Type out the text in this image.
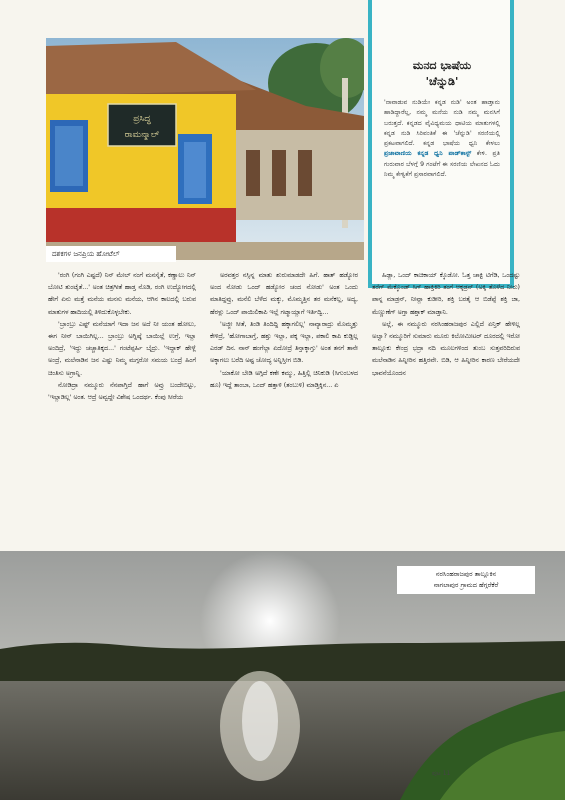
ಪ್ರಸಿದ್ಧ
ರಾಮನ್ಮಾಲ್
ದಶಕಗಳ ಜನಪ್ರಿಯ ಹೋಟೆಲ್
ಮನದ ಭಾಷೆಯ
'ಚೆನ್ನುಡಿ'

'ನಾವಾಡುವ ನುಡಿಯೇ ಕನ್ನಡ ನುಡಿ' ಅಂತ ಹಾಡ್ತಾನು ಹಾಡಿದ್ದಾರೆಲ್ಲ, ನಮ್ಮ ಮನೆಯ ನುಡಿ ನಮ್ಮ ಮನಸಿಗೆ ಬರುತ್ತದೆ. ಕನ್ನಡದ ವೈವಿಧ್ಯಮಯ ಧಾಟಿಯ ಮಾತುಗಳಲ್ಲಿ ಕನ್ನಡ ನುಡಿ ಸಿರಿವಂತಿಕೆ ಈ 'ಚೆನ್ನುಡಿ' ಸರಣಿಯಲ್ಲಿ ಪ್ರಕಟವಾಗಲಿದೆ. ಕನ್ನಡ ಭಾಷೆಯ ಧ್ವನಿ ಕೇಳಲು ಪ್ರಜಾವಾಣಿಯ ಕನ್ನಡ ಧ್ವನಿ ಪಾಡ್‌ಕಾಸ್ಟ್ ಕೇಳಿ. ಪ್ರತಿ ಗುರುವಾರ ಬೆಳಗ್ಗೆ 9 ಗಂಟೆಗೆ ಈ ಸರಣಿಯ ಲೇಖನದ ಓದು ನಿಮ್ಮ ಕೇಳ್ವಿಕೆಗೆ ಪ್ರಸಾರವಾಗಲಿದೆ.

'ರಂಗಿ (ಗಂಗಿ ಎಷ್ಟದೆ) ನಿನ್ ಮೇಲ್ ನಂಗೆ ಮನಸೈತೆ, ಕಣ್ಣಾಲು ನಿನ್ ಬೋಟಿ ತುಂಟೈತೆ...' ಅಂತ ಚಿತ್ರಗೀತೆ ಹಾಡ್ತ ನೊಡಿ, ರಂಗಿ ಉದ್ಯೋಗದಲ್ಲಿ ಹೇಗೆ ಏನು ಮತ್ತೆ ಮನೆಯ ಮನಸು ಮನೆಯ, ಆಗಿನ ಕಾಲದಲ್ಲಿ ಬರುವ ಮಾತುಗಳ ಹಾದಿಯಲ್ಲಿ ತಿಳಿದುಕೊಳ್ಳಬೇಕು.

'ಬ್ರಾಂಬ್ರು ಎಷ್ಟ್ ಮನೆಯಾಗೆ ಇದಾ ಜನ ಅದೆ ನೀ ಯಂತ ಹೋಲು, ಈಗ ನೀನ್ ಬಾಯಿಗಿಲ್ಲ... ಬ್ರಾಂಬ್ರು ಅಗ್ನಿಷ್ಕೆ ಬಾಯಿಲ್ಲೆ ಉಗ್ರೆ, ಇಲ್ಲಾ ಅಂದಿದ್ರೆ, 'ಇದ್ದು ಚಚ್ಚಾತಿಕ್ಕದ...' ಗಂಟೆಪ್ಪರ್ಹಿ ಬೈದ್ರು. 'ಇದ್ದಾಕ್ ಹೇಳ್ಲೆ ಅಂದ್ರೆ, ಮಲೆನಾಡಿನ ಜನ ಎಷ್ಟು ನಿಮ್ಮ ಮಗ್ಗರೋ ಸಮಯ ಬಂದ್ರೆ ಹಿಂಗೆ ಚಿಂತಿಸು ಅಗ್ರಾನ್ನಿ.

ನೋಡಿದ್ರಾ ನಮ್ಮೂರು ನೆನಪಾಗ್ತಿದೆ ಹಾಗೆ ಅವ್ರು ಬಂದೇಬಿಟ್ಟು, 'ಇಲ್ಲಾಡಿಲ್ಲ' ಅಂತ. ಆದ್ರೆ ಅವ್ವದ್ದೇ ವಿಶೇಷ ಒಂದರ್ಥ. ಕೆಂಪು ಸೀರೆಯ

ಅರವತ್ತರ ನಸ್ಸಿನ್ನ ಮಾತು ಶುರುಮಾಡದೇ ಹಿಗೆ. ಹಾತ್ ಹಡ್ಯೋರ ಅಂದ ನೋಡು ಒಂದ್ ಹಡ್ಯೋರ ಚಂದ ನೋಡು' ಅಂತ ಒಂದು ಮಾತಿದ್ದವ್ರು, ಮನೆಲಿ ಬೆಳೆದ ಮಕ್ಕು, ಮೊಮ್ಮತ್ತಿನ ತರ ಮನೆಕಲ್ಲ, ಅದ್ಯ, ಹೆರಳ್ಲು ಒಂದ್ ಪಾಯಿಲಿಕಾಪಿ ಇಲ್ಲೆ ಗಟ್ಮಾಯ್ಲಾಗೆ ಇರ್ತಿದ್ವಿ...

'ಅಜ್ಜೀ ಸೀತೆ, ತಿಂಡಿ ತಿಂದಿದ್ದಿ ಹಕ್ಕಾಗಲಿಲ್ಲ' ನಾವ್ಯಾರಾದ್ರು ಮೊಮ್ಮತ್ತು ಕೇಳಿದ್ರೆ, 'ಹೋಗಾಬಾಗ್ತೆ, ಹಶ್ತು ಇಲ್ಲಾ, ಪಕ್ಕ ಇಲ್ಲಾ, ಪಕಾಲಿ ಕಾಪಿ ಕುಡ್ದಿಲ್ಲ ಎರಡ್ ದಿನ. ನಾನ್ ಹಂಗೆಲ್ಲಾ ಏದೋದ್ರೆ ತಿನ್ತಾಕ್ಕಾಗ್ತು' ಅಂತ ತನಗೆ ತಾನೇ ಅಕ್ಕಾಗಲು ಬರೆದಿ ಅಷ್ಟ ಚೋದ್ಯ ಅನ್ನಿಸ್ತೀಗ ಬಿಡಿ.

'ಯಾಕೋ ಬೇಡಿ ಅಗ್ಗಿದೆ ಕಣೇ ಕಮ್ಮು, ಹಿತ್ತಿಲ್ಲಿ ಚಿನಿಕುಡಿ (ಸಿಗುಂಬಳದ ಹೂ) ಇದ್ದೆ ತಾಂಬಾ, ಒಂದ್ ಹತ್ತಾಳಿ (ತಂಬುಳಿ) ಮಾಡ್ತಿಕ್ಕಿನ... ಏ

ಹಿಡ್ಲಾ, ಒಂದ್ ಕಾಚಿಕಾಯ್ ಕ್ಕೊಡೋ. ಓತ್ತ ಚಾಕ್ಟಿ ಟಿಗೆಡಿ, ಒಂದಷ್ಟು ತರೆಗ್ ಮೆಕ್ಕೊಂಡ್ ಸಿಗ್ ಹಾಕ್ತಿಕಿರಿ ತಂಗೆ ಆಕ್ಕಡ್ರನ್ (ಅಕ್ಕಿ ತೊಳೆದ ನೀರು) ಪಾನ್ನ ಮಾಡ್ರನ್, ನೀವ್ಲಾ ಕುಡೀರಿ, ಶಕ್ತಿ ಬರತೈ ಆ ಬಿಡೆಪ್ಪೆ ಶಕ್ತಿ ಜಾ, ಮೆಣ್ಣುಣೆಗ್ ಅಗ್ತಾ ಹಶ್ತಾಕ್ ಮಾಡ್ತಾನಿ.

ಅಲ್ಲೆ, ಈ ನಮ್ಮೂರು ನರಸಿಂಹರಾಜಪುರ ಎಲ್ಲಿದೆ ಏನ್ತಿಕ್ ಹೇಳಿಲ್ಲ ಅಲ್ವಾ? ನಮ್ಮೂರಿಗೆ ಸುಮಾರು ಮೂರು ಕಿಲೋಮೀಟರ್ ದೂರದಲ್ಲಿ ಇರೋ ತಾಲ್ಲೂಕು ಕೇಂದ್ರ ಭದ್ರಾ ನದಿ ಮೂಲಗಳಿಂದ ತುಂಬ ಸುತ್ತವರಿದಿರುವ ಮಲೆನಾಡಿನ ಹಿನ್ನೀರಿನ ಹತ್ತಿರವೇ. ಬಿಡಿ, ಆ ಹಿನ್ನೀರಿನ ಕಾರಣ ಬೇರೆಯದೇ ಭಾವನೆಯೊಂದನ

ನರಸಿಂಹರಾಜಪುರ ತಾಲ್ಲೂಕಿನ
ನಾಗಲಾಪುರ ಗ್ರಾಮದ ಹೆಗ್ಗರೆಕೆರೆ
ಪುಟ 11
